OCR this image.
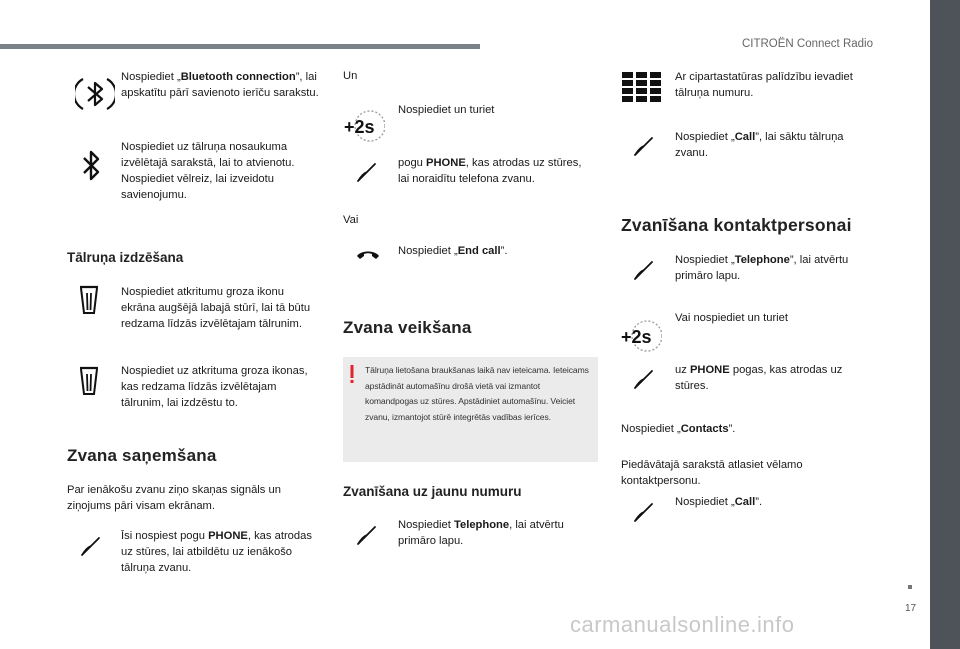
CITROËN Connect Radio
17
Nospiediet „Bluetooth connection”, lai apskatītu pārī savienoto ierīču sarakstu.
Nospiediet uz tālruņa nosaukuma izvēlētajā sarakstā, lai to atvienotu. Nospiediet vēlreiz, lai izveidotu savienojumu.
Tālruņa izdzēšana
Nospiediet atkritumu groza ikonu ekrāna augšējā labajā stūrī, lai tā būtu redzama līdzās izvēlētajam tālrunim.
Nospiediet uz atkrituma groza ikonas, kas redzama līdzās izvēlētajam tālrunim, lai izdzēstu to.
Zvana saņemšana
Par ienākošu zvanu ziņo skaņas signāls un ziņojums pāri visam ekrānam.
Īsi nospiest pogu PHONE, kas atrodas uz stūres, lai atbildētu uz ienākošo tālruņa zvanu.
Un
+2s
Nospiediet un turiet
pogu PHONE, kas atrodas uz stūres, lai noraidītu telefona zvanu.
Vai
Nospiediet „End call”.
Zvana veikšana
Tālruņa lietošana braukšanas laikā nav ieteicama. Ieteicams apstādināt automašīnu drošā vietā vai izmantot komandpogas uz stūres. Apstādiniet automašīnu. Veiciet zvanu, izmantojot stūrē integrētās vadības ierīces.
Zvanīšana uz jaunu numuru
Nospiediet Telephone, lai atvērtu primāro lapu.
Ar cipartastatūras palīdzību ievadiet tālruņa numuru.
Nospiediet „Call”, lai sāktu tālruņa zvanu.
Zvanīšana kontaktpersonai
Nospiediet „Telephone”, lai atvērtu primāro lapu.
+2s
Vai nospiediet un turiet
uz PHONE pogas, kas atrodas uz stūres.
Nospiediet „Contacts”.
Piedāvātajā sarakstā atlasiet vēlamo kontaktpersonu.
Nospiediet „Call”.
carmanualsonline.info
